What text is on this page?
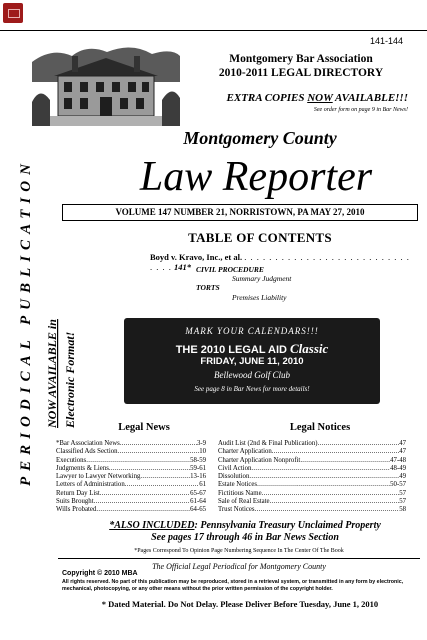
141-144
Montgomery Bar Association
2010-2011 LEGAL DIRECTORY
EXTRA COPIES NOW AVAILABLE!!!
See order form on page 9 in Bar News!
Montgomery County
Law Reporter
PERIODICAL PUBLICATION
NOW AVAILABLE in Electronic Format!
VOLUME 147 NUMBER 21, NORRISTOWN, PA MAY 27, 2010
TABLE OF CONTENTS
Boyd v. Kravo, Inc., et al. . . . . . . . . . . . . . . . . . . . . . . . . . . . . . . . 141* CIVIL PROCEDURE
Summary Judgment
TORTS
Premises Liability
MARK YOUR CALENDARS!!!
THE 2010 LEGAL AID Classic
FRIDAY, JUNE 11, 2010
Bellewood Golf Club
See page 8 in Bar News for more details!
Legal News	Legal Notices
*Bar Association News .....	3-9
Classified Ads Section .....	10
Executions .....	58-59
Judgments & Liens .....	59-61
Lawyer to Lawyer Networking .....	13-16
Letters of Administration .....	61
Return Day List .....	65-67
Suits Brought .....	61-64
Wills Probated .....	64-65
Audit List (2nd & Final Publication) .....	47
Charter Application .....	47
Charter Application Nonprofit .....	47-48
Civil Action .....	48-49
Dissolution .....	49
Estate Notices .....	50-57
Fictitious Name .....	57
Sale of Real Estate .....	57
Trust Notices .....	58
*ALSO INCLUDED: Pennsylvania Treasury Unclaimed Property
See pages 17 through 46 in Bar News Section
*Pages Correspond To Opinion Page Numbering Sequence In The Center Of The Book
The Official Legal Periodical for Montgomery County
Copyright © 2010 MBA
All rights reserved. No part of this publication may be reproduced, stored in a retrieval system, or transmitted in any form by electronic, mechanical, photocopying, or any other means without the prior written permission of the copyright holder.
* Dated Material. Do Not Delay. Please Deliver Before Tuesday, June 1, 2010
